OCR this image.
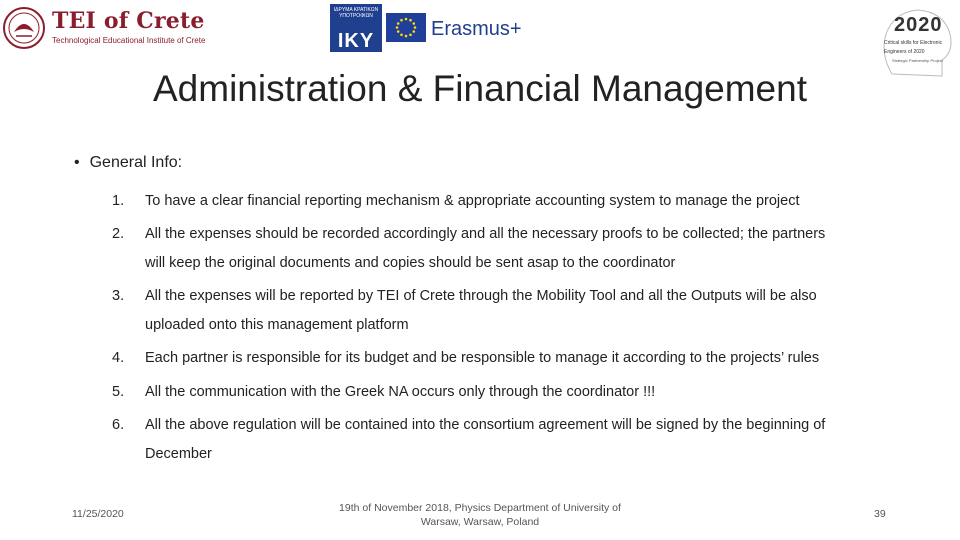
TEI of Crete
Technological Educational Institute of Crete
ΙΔΡΥΜΑ ΚΡΑΤΙΚΩΝ ΥΠΟΤΡΟΦΙΩΝ
IKY
Erasmus+	2020
Critical skills for Electronic
Engineers of 2020
Strategic Partnership Project
Administration & Financial Management
• General Info:
1. To have a clear financial reporting mechanism & appropriate accounting system to manage the project
2. All the expenses should be recorded accordingly and all the necessary proofs to be collected; the partners
will keep the original documents and copies should be sent asap to the coordinator
3. All the expenses will be reported by TEI of Crete through the Mobility Tool and all the Outputs will be also
uploaded onto this management platform
4. Each partner is responsible for its budget and be responsible to manage it according to the projects’ rules
5. All the communication with the Greek NA occurs only through the coordinator !!!
6. All the above regulation will be contained into the consortium agreement will be signed by the beginning of
December
11/25/2020	19th of November 2018, Physics Department of University of
Warsaw, Warsaw, Poland
39
